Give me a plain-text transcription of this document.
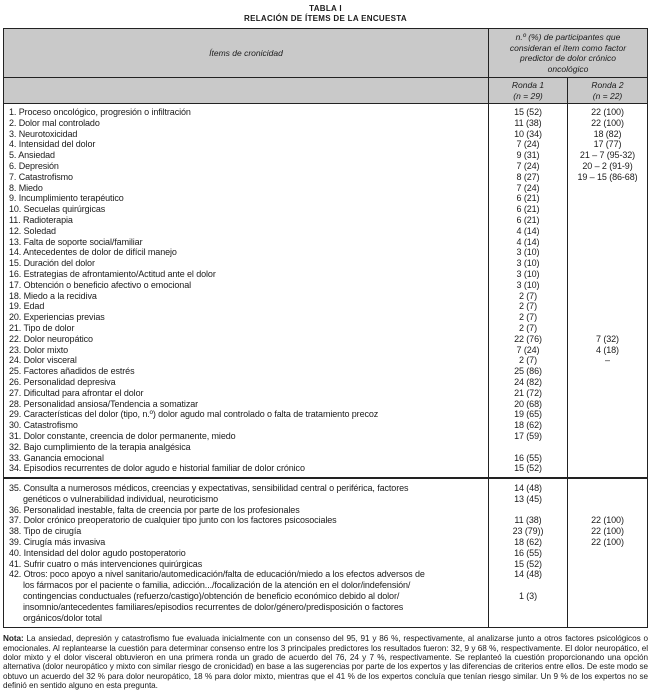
TABLA I
RELACIÓN DE ÍTEMS DE LA ENCUESTA
Ítems de cronicidad
n.º (%) de participantes que
consideran el ítem como factor
predictor de dolor crónico
oncológico
Ronda 1
(n = 29)
Ronda 2
(n = 22)
1. Proceso oncológico, progresión o infiltración	15 (52)	22 (100)
2. Dolor mal controlado	11 (38)	22 (100)
3. Neurotoxicidad	10 (34)	18 (82)
4. Intensidad del dolor	7 (24)	17 (77)
5. Ansiedad	9 (31)	21 – 7 (95-32)
6. Depresión	7 (24)	20 – 2 (91-9)
7. Catastrofismo	8 (27)	19 – 15 (86-68)
8. Miedo	7 (24)
9. Incumplimiento terapéutico	6 (21)
10. Secuelas quirúrgicas	6 (21)
11. Radioterapia	6 (21)
12. Soledad	4 (14)
13. Falta de soporte social/familiar	4 (14)
14. Antecedentes de dolor de difícil manejo	3 (10)
15. Duración del dolor	3 (10)
16. Estrategias de afrontamiento/Actitud ante el dolor	3 (10)
17. Obtención o beneficio afectivo o emocional	3 (10)
18. Miedo a la recidiva	2 (7)
19. Edad	2 (7)
20. Experiencias previas	2 (7)
21. Tipo de dolor	2 (7)
22. Dolor neuropático	22 (76)	7 (32)
23. Dolor mixto	7 (24)	4 (18)
24. Dolor visceral	2 (7)	–
25. Factores añadidos de estrés	25 (86)
26. Personalidad depresiva	24 (82)
27. Dificultad para afrontar el dolor	21 (72)
28. Personalidad ansiosa/Tendencia a somatizar	20 (68)
29. Características del dolor (tipo, n.º) dolor agudo mal controlado o falta de tratamiento precoz	19 (65)
30. Catastrofismo	18 (62)
31. Dolor constante, creencia de dolor permanente, miedo	17 (59)
32. Bajo cumplimiento de la terapia analgésica
33. Ganancia emocional	16 (55)
34. Episodios recurrentes de dolor agudo e historial familiar de dolor crónico	15 (52)
35. Consulta a numerosos médicos, creencias y expectativas, sensibilidad central o periférica, factores	14 (48)
genéticos o vulnerabilidad individual, neuroticismo	13 (45)
36. Personalidad inestable, falta de creencia por parte de los profesionales
37. Dolor crónico preoperatorio de cualquier tipo junto con los factores psicosociales	11 (38)	22 (100)
38. Tipo de cirugía	23 (79))	22 (100)
39. Cirugía más invasiva	18 (62)	22 (100)
40. Intensidad del dolor agudo postoperatorio	16 (55)
41. Sufrir cuatro o más intervenciones quirúrgicas	15 (52)
42. Otros: poco apoyo a nivel sanitario/automedicación/falta de educación/miedo a los efectos adversos de	14 (48)
los fármacos por el paciente o familia, adicción.../focalización de la atención en el dolor/indefensión/
contingencias conductuales (refuerzo/castigo)/obtención de beneficio económico debido al dolor/	1 (3)
insomnio/antecedentes familiares/episodios recurrentes de dolor/género/predisposición o factores
orgánicos/dolor total

Nota: La ansiedad, depresión y catastrofismo fue evaluada inicialmente con un consenso del 95, 91 y 86 %, respectivamente, al analizarse junto a otros factores psicológicos o emocionales. Al replantearse la cuestión para determinar consenso entre los 3 principales predictores los resultados fueron: 32, 9 y 68 %, respectivamente. El dolor neuropático, el dolor mixto y el dolor visceral obtuvieron en una primera ronda un grado de acuerdo del 76, 24 y 7 %, respectivamente. Se replanteó la cuestión proporcionando una opción alternativa (dolor neuropático y mixto con similar riesgo de cronicidad) en base a las sugerencias por parte de los expertos y las diferencias de criterios entre ellos. De este modo se obtuvo un acuerdo del 32 % para dolor neuropático, 18 % para dolor mixto, mientras que el 41 % de los expertos concluía que tenían riesgo similar. Un 9 % de los expertos no se definió en sentido alguno en esta pregunta.
